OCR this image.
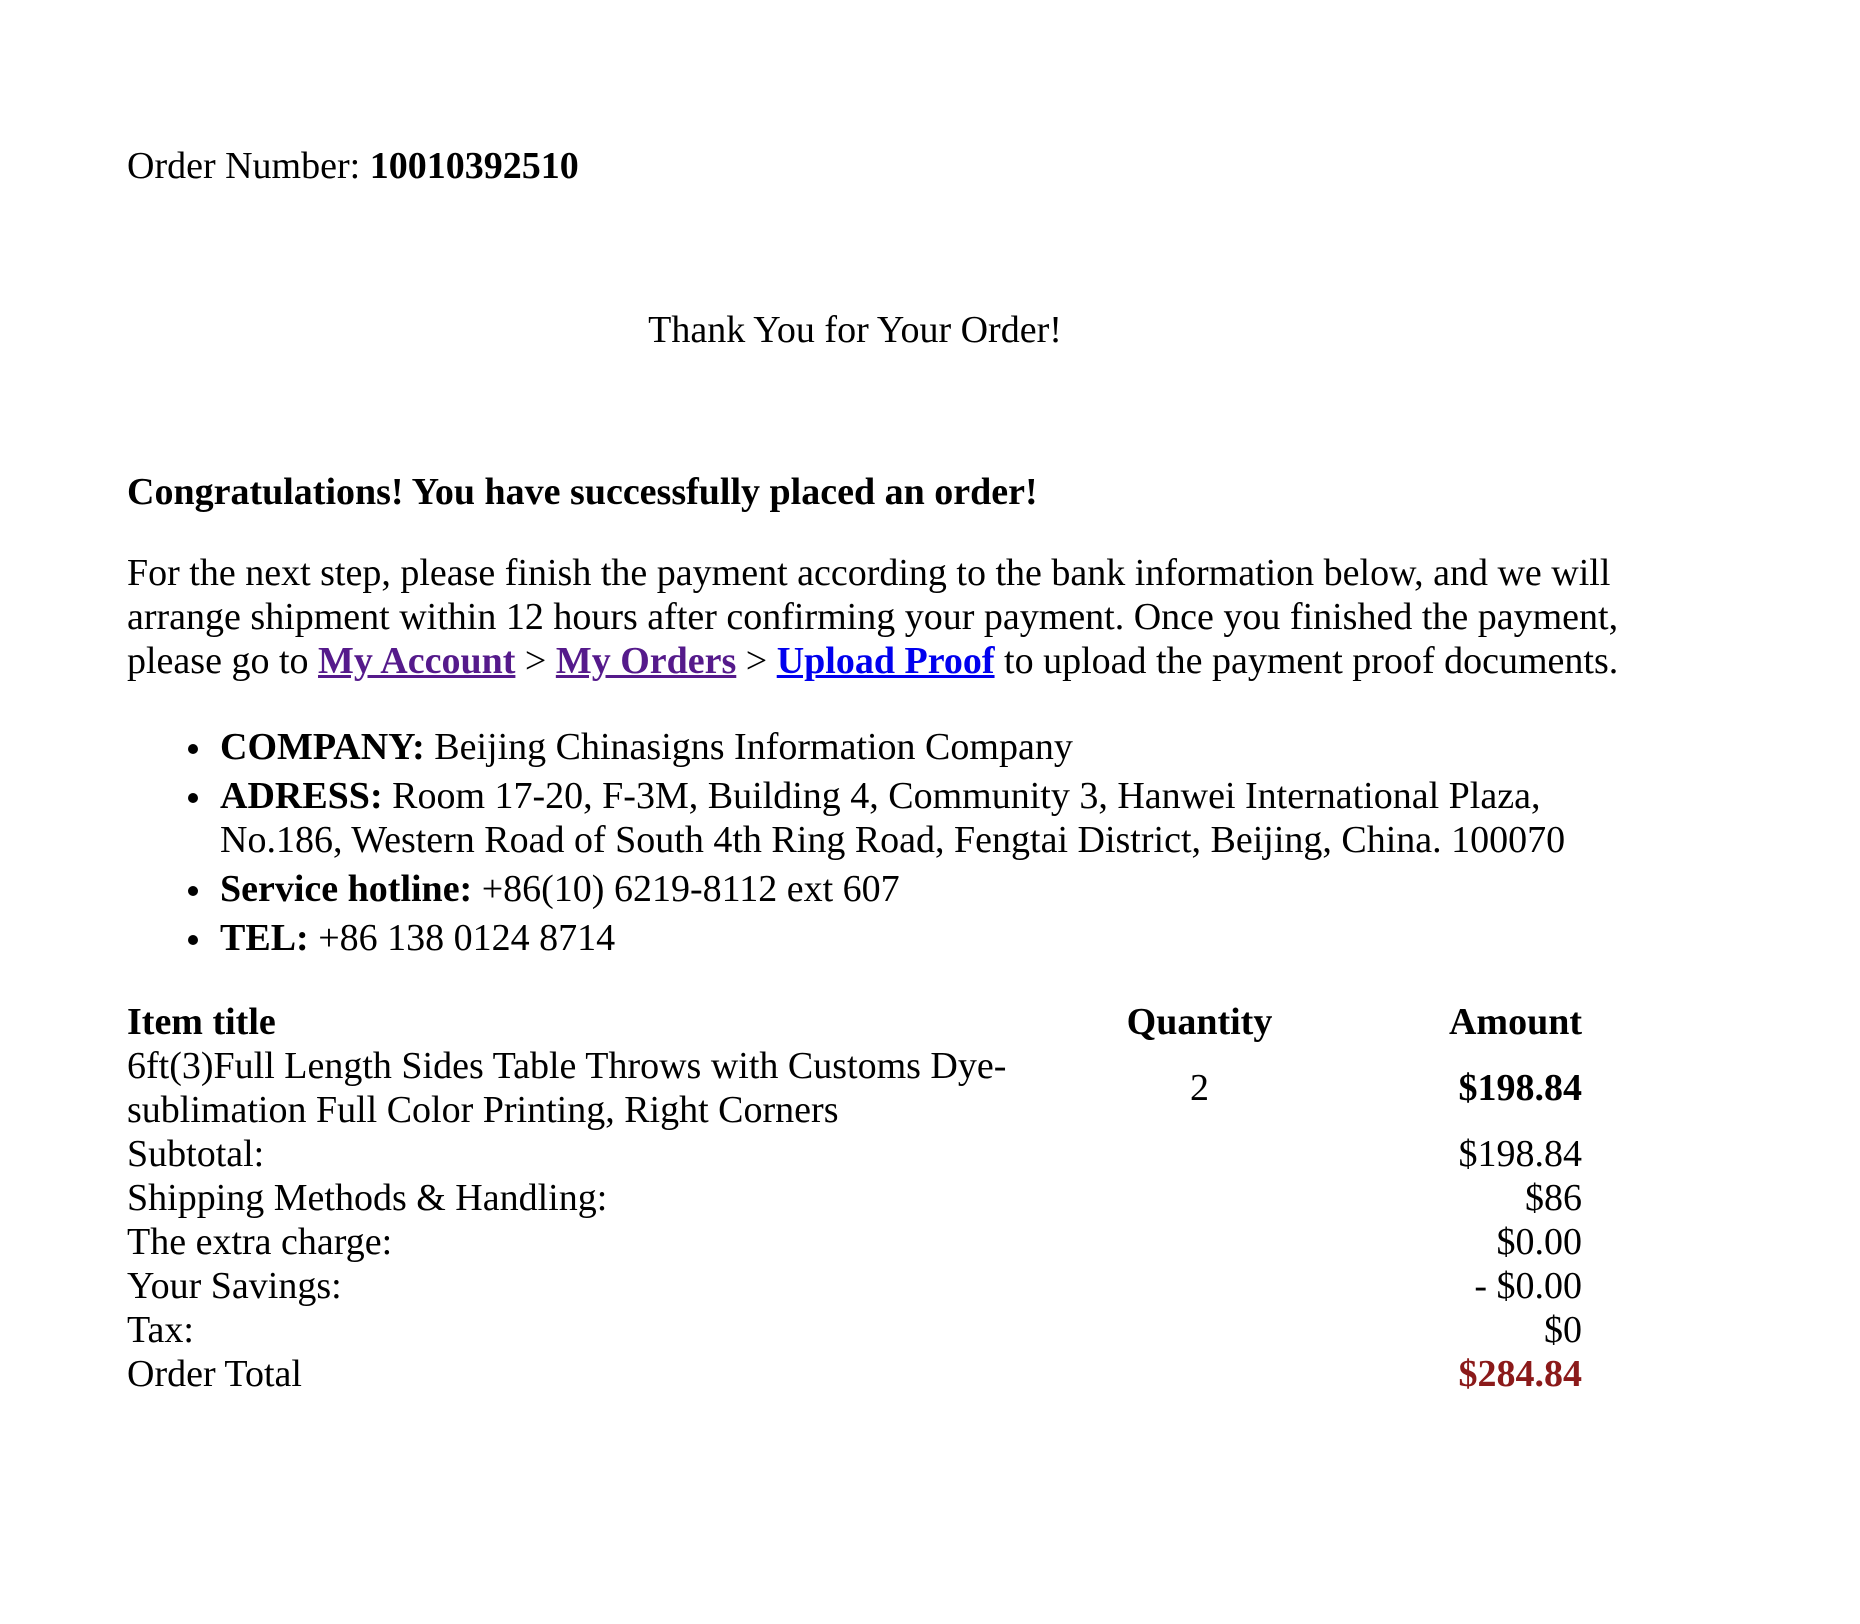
Order Number: 10010392510
Thank You for Your Order!
Congratulations! You have successfully placed an order!

For the next step, please finish the payment according to the bank information below, and we will

arrange shipment within 12 hours after confirming your payment. Once you finished the payment,

please go to My Account > My Orders > Upload Proof to upload the payment proof documents.

COMPANY: Beijing Chinasigns Information Company
ADRESS: Room 17-20, F-3M, Building 4, Community 3, Hanwei International Plaza,
No.186, Western Road of South 4th Ring Road, Fengtai District, Beijing, China. 100070
Service hotline: +86(10) 6219-8112 ext 607
TEL: +86 138 0124 8714
Item title	Quantity	Amount
6ft(3)Full Length Sides Table Throws with Customs Dye-
sublimation Full Color Printing, Right Corners
2	$198.84
Subtotal:	$198.84
Shipping Methods & Handling:	$86
The extra charge:	$0.00
Your Savings:	- $0.00
Tax:	$0
Order Total	$284.84
